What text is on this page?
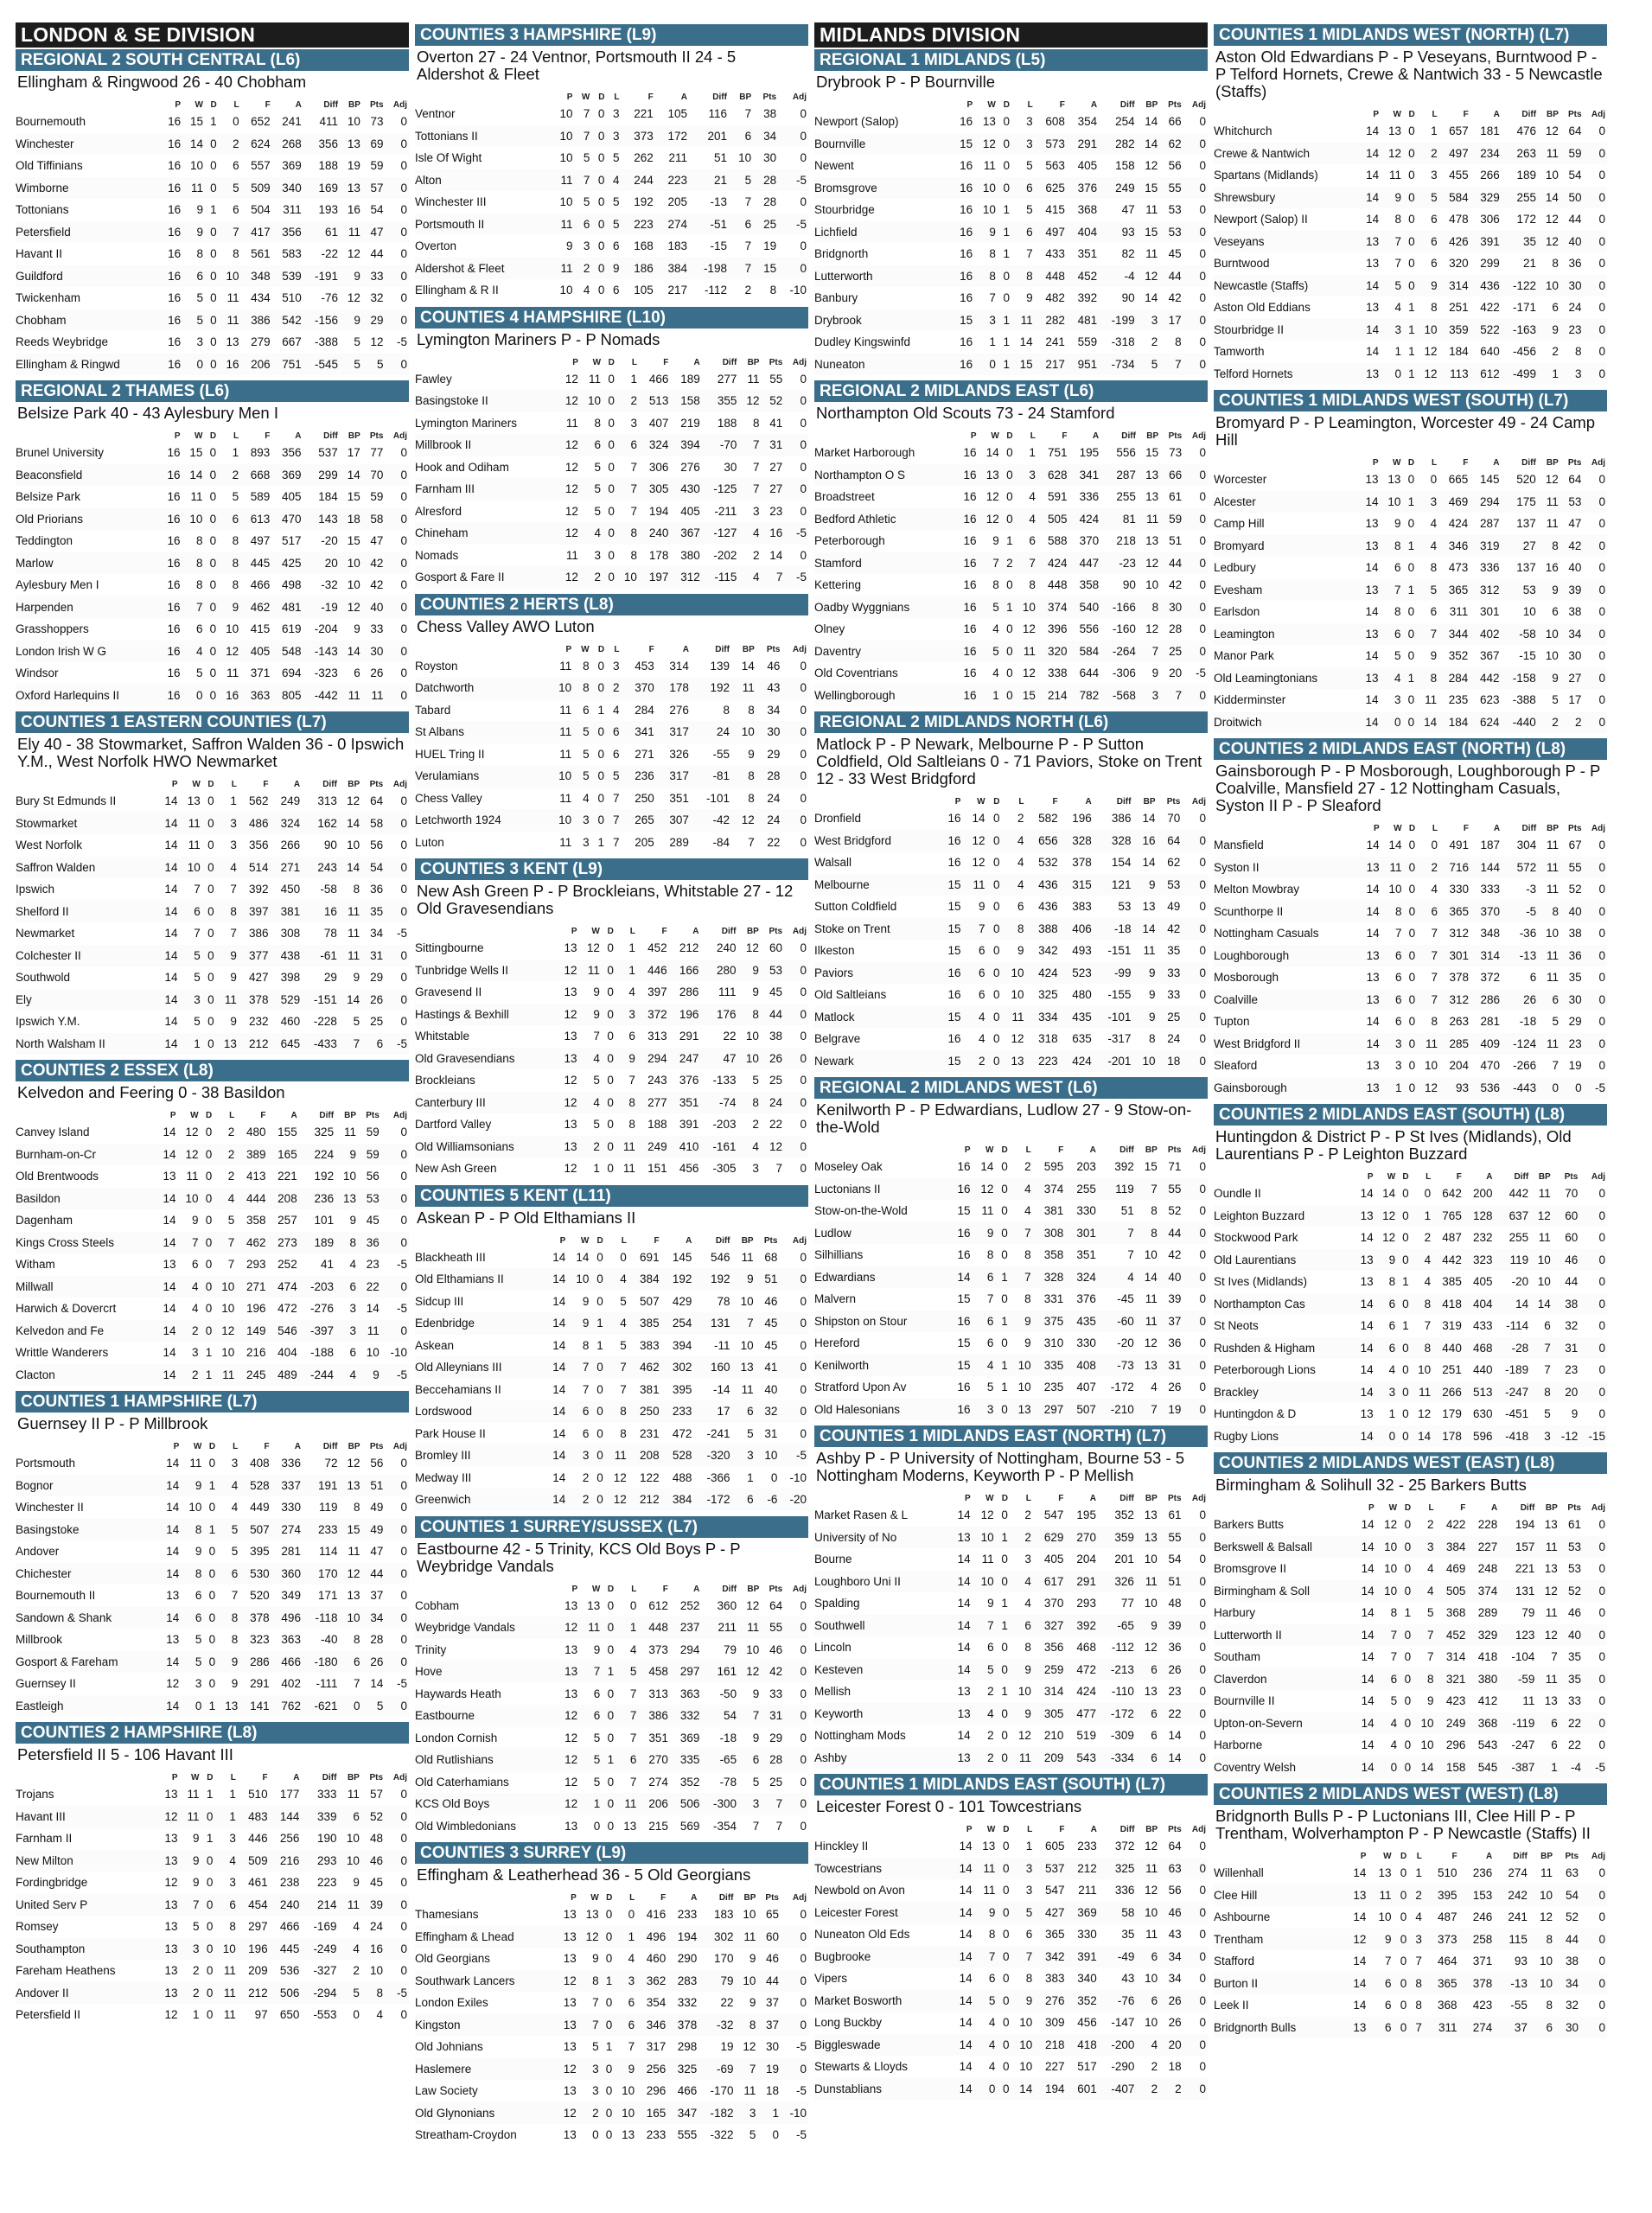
LONDON & SE DIVISION
REGIONAL 2 SOUTH CENTRAL (L6)
Ellingham & Ringwood 26 - 40 Chobham
	P	W	D	L	F	A	Diff	BP	Pts	Adj
Bournemouth	16	15	1	0	652	241	411	10	73	0
Winchester	16	14	0	2	624	268	356	13	69	0
Old Tiffinians	16	10	0	6	557	369	188	19	59	0
Wimborne	16	11	0	5	509	340	169	13	57	0
Tottonians	16	9	1	6	504	311	193	16	54	0
Petersfield	16	9	0	7	417	356	61	11	47	0
Havant II	16	8	0	8	561	583	-22	12	44	0
Guildford	16	6	0	10	348	539	-191	9	33	0
Twickenham	16	5	0	11	434	510	-76	12	32	0
Chobham	16	5	0	11	386	542	-156	9	29	0
Reeds Weybridge	16	3	0	13	279	667	-388	5	12	-5
Ellingham & Ringwd	16	0	0	16	206	751	-545	5	5	0
REGIONAL 2 THAMES (L6)
Belsize Park 40 - 43 Aylesbury Men I
	P	W	D	L	F	A	Diff	BP	Pts	Adj
Brunel University	16	15	0	1	893	356	537	17	77	0
Beaconsfield	16	14	0	2	668	369	299	14	70	0
Belsize Park	16	11	0	5	589	405	184	15	59	0
Old Priorians	16	10	0	6	613	470	143	18	58	0
Teddington	16	8	0	8	497	517	-20	15	47	0
Marlow	16	8	0	8	445	425	20	10	42	0
Aylesbury Men I	16	8	0	8	466	498	-32	10	42	0
Harpenden	16	7	0	9	462	481	-19	12	40	0
Grasshoppers	16	6	0	10	415	619	-204	9	33	0
London Irish W G	16	4	0	12	405	548	-143	14	30	0
Windsor	16	5	0	11	371	694	-323	6	26	0
Oxford Harlequins II	16	0	0	16	363	805	-442	11	11	0
COUNTIES 1 EASTERN COUNTIES (L7)
Ely 40 - 38 Stowmarket, Saffron Walden 36 - 0 Ipswich Y.M., West Norfolk HWO Newmarket
	P	W	D	L	F	A	Diff	BP	Pts	Adj
Bury St Edmunds II	14	13	0	1	562	249	313	12	64	0
Stowmarket	14	11	0	3	486	324	162	14	58	0
West Norfolk	14	11	0	3	356	266	90	10	56	0
Saffron Walden	14	10	0	4	514	271	243	14	54	0
Ipswich	14	7	0	7	392	450	-58	8	36	0
Shelford II	14	6	0	8	397	381	16	11	35	0
Newmarket	14	7	0	7	386	308	78	11	34	-5
Colchester II	14	5	0	9	377	438	-61	11	31	0
Southwold	14	5	0	9	427	398	29	9	29	0
Ely	14	3	0	11	378	529	-151	14	26	0
Ipswich Y.M.	14	5	0	9	232	460	-228	5	25	0
North Walsham II	14	1	0	13	212	645	-433	7	6	-5
COUNTIES 2 ESSEX (L8)
Kelvedon and Feering 0 - 38 Basildon
	P	W	D	L	F	A	Diff	BP	Pts	Adj
Canvey Island	14	12	0	2	480	155	325	11	59	0
Burnham-on-Cr	14	12	0	2	389	165	224	9	59	0
Old Brentwoods	13	11	0	2	413	221	192	10	56	0
Basildon	14	10	0	4	444	208	236	13	53	0
Dagenham	14	9	0	5	358	257	101	9	45	0
Kings Cross Steels	14	7	0	7	462	273	189	8	36	0
Witham	13	6	0	7	293	252	41	4	23	-5
Millwall	14	4	0	10	271	474	-203	6	22	0
Harwich & Dovercrt	14	4	0	10	196	472	-276	3	14	-5
Kelvedon and Fe	14	2	0	12	149	546	-397	3	11	0
Writtle Wanderers	14	3	1	10	216	404	-188	6	10	-10
Clacton	14	2	1	11	245	489	-244	4	9	-5
COUNTIES 1 HAMPSHIRE (L7)
Guernsey II P - P Millbrook
	P	W	D	L	F	A	Diff	BP	Pts	Adj
Portsmouth	14	11	0	3	408	336	72	12	56	0
Bognor	14	9	1	4	528	337	191	13	51	0
Winchester II	14	10	0	4	449	330	119	8	49	0
Basingstoke	14	8	1	5	507	274	233	15	49	0
Andover	14	9	0	5	395	281	114	11	47	0
Chichester	14	8	0	6	530	360	170	12	44	0
Bournemouth II	13	6	0	7	520	349	171	13	37	0
Sandown & Shank	14	6	0	8	378	496	-118	10	34	0
Millbrook	13	5	0	8	323	363	-40	8	28	0
Gosport & Fareham	14	5	0	9	286	466	-180	6	26	0
Guernsey II	12	3	0	9	291	402	-111	7	14	-5
Eastleigh	14	0	1	13	141	762	-621	0	5	0
COUNTIES 2 HAMPSHIRE (L8)
Petersfield II 5 - 106 Havant III
	P	W	D	L	F	A	Diff	BP	Pts	Adj
Trojans	13	11	1	1	510	177	333	11	57	0
Havant III	12	11	0	1	483	144	339	6	52	0
Farnham II	13	9	1	3	446	256	190	10	48	0
New Milton	13	9	0	4	509	216	293	10	46	0
Fordingbridge	12	9	0	3	461	238	223	9	45	0
United Serv P	13	7	0	6	454	240	214	11	39	0
Romsey	13	5	0	8	297	466	-169	4	24	0
Southampton	13	3	0	10	196	445	-249	4	16	0
Fareham Heathens	13	2	0	11	209	536	-327	2	10	0
Andover II	13	2	0	11	212	506	-294	5	8	-5
Petersfield II	12	1	0	11	97	650	-553	0	4	0
COUNTIES 3 HAMPSHIRE (L9)
Overton 27 - 24 Ventnor, Portsmouth II 24 - 5 Aldershot & Fleet
	P	W	D	L	F	A	Diff	BP	Pts	Adj
Ventnor	10	7	0	3	221	105	116	7	38	0
Tottonians II	10	7	0	3	373	172	201	6	34	0
Isle Of Wight	10	5	0	5	262	211	51	10	30	0
Alton	11	7	0	4	244	223	21	5	28	-5
Winchester III	10	5	0	5	192	205	-13	7	28	0
Portsmouth II	11	6	0	5	223	274	-51	6	25	-5
Overton	9	3	0	6	168	183	-15	7	19	0
Aldershot & Fleet	11	2	0	9	186	384	-198	7	15	0
Ellingham & R II	10	4	0	6	105	217	-112	2	8	-10
COUNTIES 4 HAMPSHIRE (L10)
Lymington Mariners P - P Nomads
	P	W	D	L	F	A	Diff	BP	Pts	Adj
Fawley	12	11	0	1	466	189	277	11	55	0
Basingstoke II	12	10	0	2	513	158	355	12	52	0
Lymington Mariners	11	8	0	3	407	219	188	8	41	0
Millbrook II	12	6	0	6	324	394	-70	7	31	0
Hook and Odiham	12	5	0	7	306	276	30	7	27	0
Farnham III	12	5	0	7	305	430	-125	7	27	0
Alresford	12	5	0	7	194	405	-211	3	23	0
Chineham	12	4	0	8	240	367	-127	4	16	-5
Nomads	11	3	0	8	178	380	-202	2	14	0
Gosport & Fare II	12	2	0	10	197	312	-115	4	7	-5
COUNTIES 2 HERTS (L8)
Chess Valley AWO Luton
	P	W	D	L	F	A	Diff	BP	Pts	Adj
Royston	11	8	0	3	453	314	139	14	46	0
Datchworth	10	8	0	2	370	178	192	11	43	0
Tabard	11	6	1	4	284	276	8	8	34	0
St Albans	11	5	0	6	341	317	24	10	30	0
HUEL Tring II	11	5	0	6	271	326	-55	9	29	0
Verulamians	10	5	0	5	236	317	-81	8	28	0
Chess Valley	11	4	0	7	250	351	-101	8	24	0
Letchworth 1924	10	3	0	7	265	307	-42	12	24	0
Luton	11	3	1	7	205	289	-84	7	22	0
COUNTIES 3 KENT (L9)
New Ash Green P - P Brockleians, Whitstable 27 - 12 Old Gravesendians
	P	W	D	L	F	A	Diff	BP	Pts	Adj
Sittingbourne	13	12	0	1	452	212	240	12	60	0
Tunbridge Wells II	12	11	0	1	446	166	280	9	53	0
Gravesend II	13	9	0	4	397	286	111	9	45	0
Hastings & Bexhill	12	9	0	3	372	196	176	8	44	0
Whitstable	13	7	0	6	313	291	22	10	38	0
Old Gravesendians	13	4	0	9	294	247	47	10	26	0
Brockleians	12	5	0	7	243	376	-133	5	25	0
Canterbury III	12	4	0	8	277	351	-74	8	24	0
Dartford Valley	13	5	0	8	188	391	-203	2	22	0
Old Williamsonians	13	2	0	11	249	410	-161	4	12	0
New Ash Green	12	1	0	11	151	456	-305	3	7	0
COUNTIES 5 KENT (L11)
Askean P - P Old Elthamians II
	P	W	D	L	F	A	Diff	BP	Pts	Adj
Blackheath III	14	14	0	0	691	145	546	11	68	0
Old Elthamians II	14	10	0	4	384	192	192	9	51	0
Sidcup III	14	9	0	5	507	429	78	10	46	0
Edenbridge	14	9	1	4	385	254	131	7	45	0
Askean	14	8	1	5	383	394	-11	10	45	0
Old Alleynians III	14	7	0	7	462	302	160	13	41	0
Beccehamians II	14	7	0	7	381	395	-14	11	40	0
Lordswood	14	6	0	8	250	233	17	6	32	0
Park House II	14	6	0	8	231	472	-241	5	31	0
Bromley III	14	3	0	11	208	528	-320	3	10	-5
Medway III	14	2	0	12	122	488	-366	1	0	-10
Greenwich	14	2	0	12	212	384	-172	6	-6	-20
COUNTIES 1 SURREY/SUSSEX (L7)
Eastbourne 42 - 5 Trinity, KCS Old Boys P - P Weybridge Vandals
	P	W	D	L	F	A	Diff	BP	Pts	Adj
Cobham	13	13	0	0	612	252	360	12	64	0
Weybridge Vandals	12	11	0	1	448	237	211	11	55	0
Trinity	13	9	0	4	373	294	79	10	46	0
Hove	13	7	1	5	458	297	161	12	42	0
Haywards Heath	13	6	0	7	313	363	-50	9	33	0
Eastbourne	12	6	0	7	386	332	54	7	31	0
London Cornish	12	5	0	7	351	369	-18	9	29	0
Old Rutlishians	12	5	1	6	270	335	-65	6	28	0
Old Caterhamians	12	5	0	7	274	352	-78	5	25	0
KCS Old Boys	12	1	0	11	206	506	-300	3	7	0
Old Wimbledonians	13	0	0	13	215	569	-354	7	7	0
COUNTIES 3 SURREY (L9)
Effingham & Leatherhead 36 - 5 Old Georgians
	P	W	D	L	F	A	Diff	BP	Pts	Adj
Thamesians	13	13	0	0	416	233	183	10	65	0
Effingham & Lhead	13	12	0	1	496	194	302	11	60	0
Old Georgians	13	9	0	4	460	290	170	9	46	0
Southwark Lancers	12	8	1	3	362	283	79	10	44	0
London Exiles	13	7	0	6	354	332	22	9	37	0
Kingston	13	7	0	6	346	378	-32	8	37	0
Old Johnians	13	5	1	7	317	298	19	12	30	-5
Haslemere	12	3	0	9	256	325	-69	7	19	0
Law Society	13	3	0	10	296	466	-170	11	18	-5
Old Glynonians	12	2	0	10	165	347	-182	3	1	-10
Streatham-Croydon	13	0	0	13	233	555	-322	5	0	-5
MIDLANDS DIVISION
REGIONAL 1 MIDLANDS (L5)
Drybrook P - P Bournville
	P	W	D	L	F	A	Diff	BP	Pts	Adj
Newport (Salop)	16	13	0	3	608	354	254	14	66	0
Bournville	15	12	0	3	573	291	282	14	62	0
Newent	16	11	0	5	563	405	158	12	56	0
Bromsgrove	16	10	0	6	625	376	249	15	55	0
Stourbridge	16	10	1	5	415	368	47	11	53	0
Lichfield	16	9	1	6	497	404	93	15	53	0
Bridgnorth	16	8	1	7	433	351	82	11	45	0
Lutterworth	16	8	0	8	448	452	-4	12	44	0
Banbury	16	7	0	9	482	392	90	14	42	0
Drybrook	15	3	1	11	282	481	-199	3	17	0
Dudley Kingswinfd	16	1	1	14	241	559	-318	2	8	0
Nuneaton	16	0	1	15	217	951	-734	5	7	0
REGIONAL 2 MIDLANDS EAST (L6)
Northampton Old Scouts 73 - 24 Stamford
	P	W	D	L	F	A	Diff	BP	Pts	Adj
Market Harborough	16	14	0	1	751	195	556	15	73	0
Northampton O S	16	13	0	3	628	341	287	13	66	0
Broadstreet	16	12	0	4	591	336	255	13	61	0
Bedford Athletic	16	12	0	4	505	424	81	11	59	0
Peterborough	16	9	1	6	588	370	218	13	51	0
Stamford	16	7	2	7	424	447	-23	12	44	0
Kettering	16	8	0	8	448	358	90	10	42	0
Oadby Wyggnians	16	5	1	10	374	540	-166	8	30	0
Olney	16	4	0	12	396	556	-160	12	28	0
Daventry	16	5	0	11	320	584	-264	7	25	0
Old Coventrians	16	4	0	12	338	644	-306	9	20	-5
Wellingborough	16	1	0	15	214	782	-568	3	7	0
REGIONAL 2 MIDLANDS NORTH (L6)
Matlock P - P Newark, Melbourne P - P Sutton Coldfield, Old Saltleians 0 - 71 Paviors, Stoke on Trent 12 - 33 West Bridgford
	P	W	D	L	F	A	Diff	BP	Pts	Adj
Dronfield	16	14	0	2	582	196	386	14	70	0
West Bridgford	16	12	0	4	656	328	328	16	64	0
Walsall	16	12	0	4	532	378	154	14	62	0
Melbourne	15	11	0	4	436	315	121	9	53	0
Sutton Coldfield	15	9	0	6	436	383	53	13	49	0
Stoke on Trent	15	7	0	8	388	406	-18	14	42	0
Ilkeston	15	6	0	9	342	493	-151	11	35	0
Paviors	16	6	0	10	424	523	-99	9	33	0
Old Saltleians	16	6	0	10	325	480	-155	9	33	0
Matlock	15	4	0	11	334	435	-101	9	25	0
Belgrave	16	4	0	12	318	635	-317	8	24	0
Newark	15	2	0	13	223	424	-201	10	18	0
REGIONAL 2 MIDLANDS WEST (L6)
Kenilworth P - P Edwardians, Ludlow 27 - 9 Stow-on-the-Wold
	P	W	D	L	F	A	Diff	BP	Pts	Adj
Moseley Oak	16	14	0	2	595	203	392	15	71	0
Luctonians II	16	12	0	4	374	255	119	7	55	0
Stow-on-the-Wold	15	11	0	4	381	330	51	8	52	0
Ludlow	16	9	0	7	308	301	7	8	44	0
Silhillians	16	8	0	8	358	351	7	10	42	0
Edwardians	14	6	1	7	328	324	4	14	40	0
Malvern	15	7	0	8	331	376	-45	11	39	0
Shipston on Stour	16	6	1	9	375	435	-60	11	37	0
Hereford	15	6	0	9	310	330	-20	12	36	0
Kenilworth	15	4	1	10	335	408	-73	13	31	0
Stratford Upon Av	16	5	1	10	235	407	-172	4	26	0
Old Halesonians	16	3	0	13	297	507	-210	7	19	0
COUNTIES 1 MIDLANDS EAST (NORTH) (L7)
Ashby P - P University of Nottingham, Bourne 53 - 5 Nottingham Moderns, Keyworth P - P Mellish
	P	W	D	L	F	A	Diff	BP	Pts	Adj
Market Rasen & L	14	12	0	2	547	195	352	13	61	0
University of No	13	10	1	2	629	270	359	13	55	0
Bourne	14	11	0	3	405	204	201	10	54	0
Loughboro Uni II	14	10	0	4	617	291	326	11	51	0
Spalding	14	9	1	4	370	293	77	10	48	0
Southwell	14	7	1	6	327	392	-65	9	39	0
Lincoln	14	6	0	8	356	468	-112	12	36	0
Kesteven	14	5	0	9	259	472	-213	6	26	0
Mellish	13	2	1	10	314	424	-110	13	23	0
Keyworth	13	4	0	9	305	477	-172	6	22	0
Nottingham Mods	14	2	0	12	210	519	-309	6	14	0
Ashby	13	2	0	11	209	543	-334	6	14	0
COUNTIES 1 MIDLANDS EAST (SOUTH) (L7)
Leicester Forest 0 - 101 Towcestrians
	P	W	D	L	F	A	Diff	BP	Pts	Adj
Hinckley II	14	13	0	1	605	233	372	12	64	0
Towcestrians	14	11	0	3	537	212	325	11	63	0
Newbold on Avon	14	11	0	3	547	211	336	12	56	0
Leicester Forest	14	9	0	5	427	369	58	10	46	0
Nuneaton Old Eds	14	8	0	6	365	330	35	11	43	0
Bugbrooke	14	7	0	7	342	391	-49	6	34	0
Vipers	14	6	0	8	383	340	43	10	34	0
Market Bosworth	14	5	0	9	276	352	-76	6	26	0
Long Buckby	14	4	0	10	309	456	-147	10	26	0
Biggleswade	14	4	0	10	218	418	-200	4	20	0
Stewarts & Lloyds	14	4	0	10	227	517	-290	2	18	0
Dunstablians	14	0	0	14	194	601	-407	2	2	0
COUNTIES 1 MIDLANDS WEST (NORTH) (L7)
Aston Old Edwardians P - P Veseyans, Burntwood P - P Telford Hornets, Crewe & Nantwich 33 - 5 Newcastle (Staffs)
	P	W	D	L	F	A	Diff	BP	Pts	Adj
Whitchurch	14	13	0	1	657	181	476	12	64	0
Crewe & Nantwich	14	12	0	2	497	234	263	11	59	0
Spartans (Midlands)	14	11	0	3	455	266	189	10	54	0
Shrewsbury	14	9	0	5	584	329	255	14	50	0
Newport (Salop) II	14	8	0	6	478	306	172	12	44	0
Veseyans	13	7	0	6	426	391	35	12	40	0
Burntwood	13	7	0	6	320	299	21	8	36	0
Newcastle (Staffs)	14	5	0	9	314	436	-122	10	30	0
Aston Old Eddians	13	4	1	8	251	422	-171	6	24	0
Stourbridge II	14	3	1	10	359	522	-163	9	23	0
Tamworth	14	1	1	12	184	640	-456	2	8	0
Telford Hornets	13	0	1	12	113	612	-499	1	3	0
COUNTIES 1 MIDLANDS WEST (SOUTH) (L7)
Bromyard P - P Leamington, Worcester 49 - 24 Camp Hill
	P	W	D	L	F	A	Diff	BP	Pts	Adj
Worcester	13	13	0	0	665	145	520	12	64	0
Alcester	14	10	1	3	469	294	175	11	53	0
Camp Hill	13	9	0	4	424	287	137	11	47	0
Bromyard	13	8	1	4	346	319	27	8	42	0
Ledbury	14	6	0	8	473	336	137	16	40	0
Evesham	13	7	1	5	365	312	53	9	39	0
Earlsdon	14	8	0	6	311	301	10	6	38	0
Leamington	13	6	0	7	344	402	-58	10	34	0
Manor Park	14	5	0	9	352	367	-15	10	30	0
Old Leamingtonians	13	4	1	8	284	442	-158	9	27	0
Kidderminster	14	3	0	11	235	623	-388	5	17	0
Droitwich	14	0	0	14	184	624	-440	2	2	0
COUNTIES 2 MIDLANDS EAST (NORTH) (L8)
Gainsborough P - P Mosborough, Loughborough P - P Coalville, Mansfield 27 - 12 Nottingham Casuals, Syston II P - P Sleaford
	P	W	D	L	F	A	Diff	BP	Pts	Adj
Mansfield	14	14	0	0	491	187	304	11	67	0
Syston II	13	11	0	2	716	144	572	11	55	0
Melton Mowbray	14	10	0	4	330	333	-3	11	52	0
Scunthorpe II	14	8	0	6	365	370	-5	8	40	0
Nottingham Casuals	14	7	0	7	312	348	-36	10	38	0
Loughborough	13	6	0	7	301	314	-13	11	36	0
Mosborough	13	6	0	7	378	372	6	11	35	0
Coalville	13	6	0	7	312	286	26	6	30	0
Tupton	14	6	0	8	263	281	-18	5	29	0
West Bridgford II	14	3	0	11	285	409	-124	11	23	0
Sleaford	13	3	0	10	204	470	-266	7	19	0
Gainsborough	13	1	0	12	93	536	-443	0	0	-5
COUNTIES 2 MIDLANDS EAST (SOUTH) (L8)
Huntingdon & District P - P St Ives (Midlands), Old Laurentians P - P Leighton Buzzard
	P	W	D	L	F	A	Diff	BP	Pts	Adj
Oundle II	14	14	0	0	642	200	442	11	70	0
Leighton Buzzard	13	12	0	1	765	128	637	12	60	0
Stockwood Park	14	12	0	2	487	232	255	11	60	0
Old Laurentians	13	9	0	4	442	323	119	10	46	0
St Ives (Midlands)	13	8	1	4	385	405	-20	10	44	0
Northampton Cas	14	6	0	8	418	404	14	14	38	0
St Neots	14	6	1	7	319	433	-114	6	32	0
Rushden & Higham	14	6	0	8	440	468	-28	7	31	0
Peterborough Lions	14	4	0	10	251	440	-189	7	23	0
Brackley	14	3	0	11	266	513	-247	8	20	0
Huntingdon & D	13	1	0	12	179	630	-451	5	9	0
Rugby Lions	14	0	0	14	178	596	-418	3	-12	-15
COUNTIES 2 MIDLANDS WEST (EAST) (L8)
Birmingham & Solihull 32 - 25 Barkers Butts
	P	W	D	L	F	A	Diff	BP	Pts	Adj
Barkers Butts	14	12	0	2	422	228	194	13	61	0
Berkswell & Balsall	14	10	0	3	384	227	157	11	53	0
Bromsgrove II	14	10	0	4	469	248	221	13	53	0
Birmingham & Soll	14	10	0	4	505	374	131	12	52	0
Harbury	14	8	1	5	368	289	79	11	46	0
Lutterworth II	14	7	0	7	452	329	123	12	40	0
Southam	14	7	0	7	314	418	-104	7	35	0
Claverdon	14	6	0	8	321	380	-59	11	35	0
Bournville II	14	5	0	9	423	412	11	13	33	0
Upton-on-Severn	14	4	0	10	249	368	-119	6	22	0
Harborne	14	4	0	10	296	543	-247	6	22	0
Coventry Welsh	14	0	0	14	158	545	-387	1	-4	-5
COUNTIES 2 MIDLANDS WEST (WEST) (L8)
Bridgnorth Bulls P - P Luctonians III, Clee Hill P - P Trentham, Wolverhampton P - P Newcastle (Staffs) II
	P	W	D	L	F	A	Diff	BP	Pts	Adj
Willenhall	14	13	0	1	510	236	274	11	63	0
Clee Hill	13	11	0	2	395	153	242	10	54	0
Ashbourne	14	10	0	4	487	246	241	12	52	0
Trentham	12	9	0	3	373	258	115	8	44	0
Stafford	14	7	0	7	464	371	93	10	38	0
Burton II	14	6	0	8	365	378	-13	10	34	0
Leek II	14	6	0	8	368	423	-55	8	32	0
Bridgnorth Bulls	13	6	0	7	311	274	37	6	30	0
